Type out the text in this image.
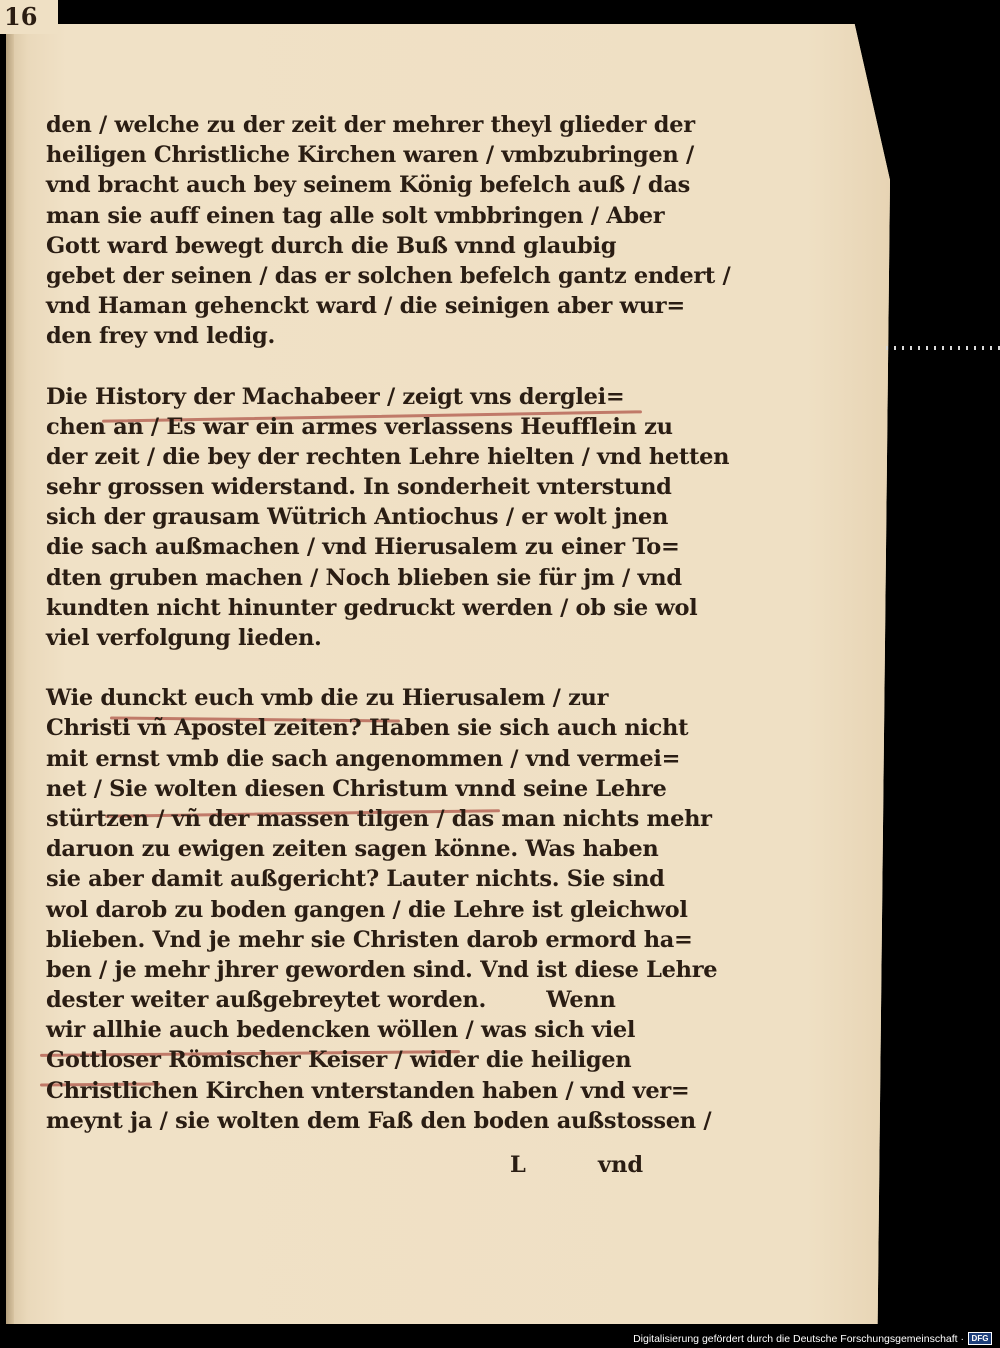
16
den / welche zu der zeit der mehrer theyl glieder der
heiligen Christliche Kirchen waren / vmbzubringen /
vnd bracht auch bey seinem König befelch auß / das
man sie auff einen tag alle solt vmbbringen / Aber
Gott ward bewegt durch die Buß vnnd glaubig
gebet der seinen / das er solchen befelch gantz endert /
vnd Haman gehenckt ward / die seinigen aber wur=
den frey vnd ledig.
Die History der Machabeer / zeigt vns derglei=
chen an / Es war ein armes verlassens Heufflein zu
der zeit / die bey der rechten Lehre hielten / vnd hetten
sehr grossen widerstand. In sonderheit vnterstund
sich der grausam Wütrich Antiochus / er wolt jnen
die sach außmachen / vnd Hierusalem zu einer To=
dten gruben machen / Noch blieben sie für jm / vnd
kundten nicht hinunter gedruckt werden / ob sie wol
viel verfolgung lieden.
Wie dunckt euch vmb die zu Hierusalem / zur
Christi vñ Apostel zeiten? Haben sie sich auch nicht
mit ernst vmb die sach angenommen / vnd vermei=
net / Sie wolten diesen Christum vnnd seine Lehre
stürtzen / vñ der massen tilgen / das man nichts mehr
daruon zu ewigen zeiten sagen könne. Was haben
sie aber damit außgericht? Lauter nichts. Sie sind
wol darob zu boden gangen / die Lehre ist gleichwol
blieben. Vnd je mehr sie Christen darob ermord ha=
ben / je mehr jhrer geworden sind. Vnd ist diese Lehre
dester weiter außgebreytet worden.        Wenn
wir allhie auch bedencken wöllen / was sich viel
Gottloser Römischer Keiser / wider die heiligen
Christlichen Kirchen vnterstanden haben / vnd ver=
meynt ja / sie wolten dem Faß den boden außstossen /
L	vnd
Digitalisierung gefördert durch die Deutsche Forschungsgemeinschaft · DFG
